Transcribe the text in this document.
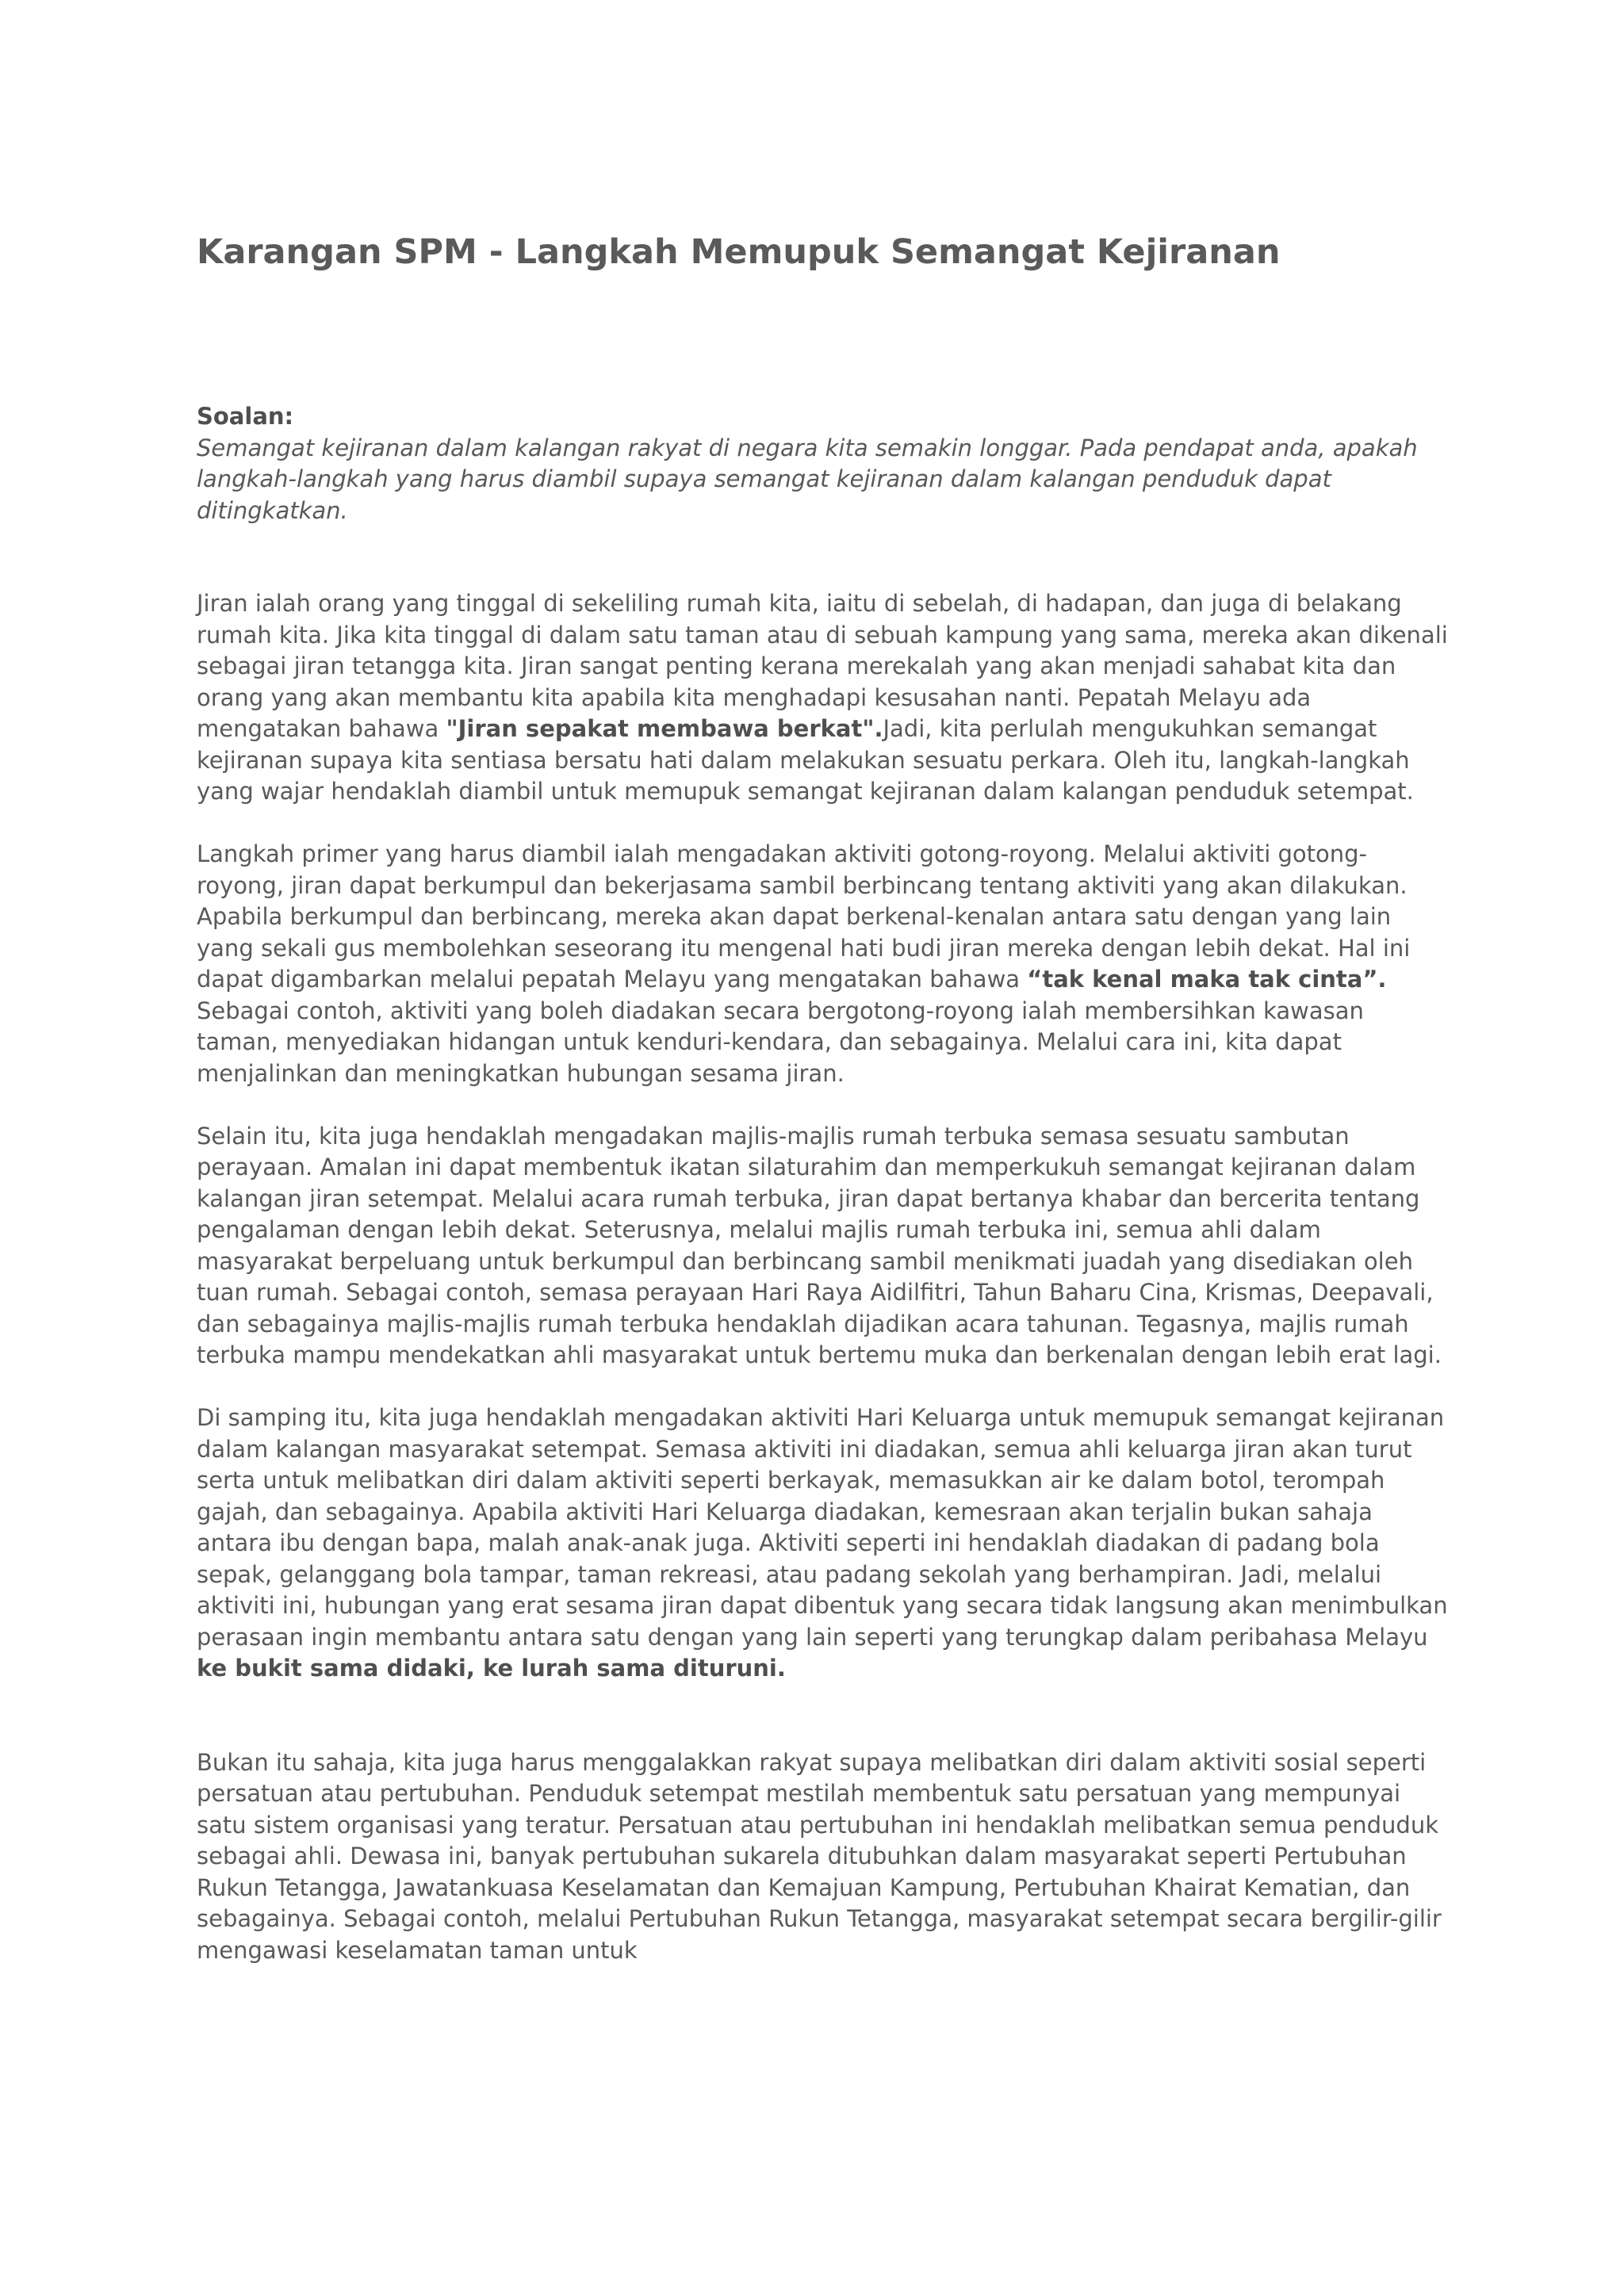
Karangan SPM - Langkah Memupuk Semangat Kejiranan

Soalan:

Semangat kejiranan dalam kalangan rakyat di negara kita semakin longgar. Pada pendapat anda, apakah langkah-langkah yang harus diambil supaya semangat kejiranan dalam kalangan penduduk dapat ditingkatkan.

Jiran ialah orang yang tinggal di sekeliling rumah kita, iaitu di sebelah, di hadapan, dan juga di belakang rumah kita. Jika kita tinggal di dalam satu taman atau di sebuah kampung yang sama, mereka akan dikenali sebagai jiran tetangga kita. Jiran sangat penting kerana merekalah yang akan menjadi sahabat kita dan orang yang akan membantu kita apabila kita menghadapi kesusahan nanti. Pepatah Melayu ada mengatakan bahawa "Jiran sepakat membawa berkat".Jadi, kita perlulah mengukuhkan semangat kejiranan supaya kita sentiasa bersatu hati dalam melakukan sesuatu perkara. Oleh itu, langkah-langkah yang wajar hendaklah diambil untuk memupuk semangat kejiranan dalam kalangan penduduk setempat.

Langkah primer yang harus diambil ialah mengadakan aktiviti gotong-royong. Melalui aktiviti gotong-royong, jiran dapat berkumpul dan bekerjasama sambil berbincang tentang aktiviti yang akan dilakukan. Apabila berkumpul dan berbincang, mereka akan dapat berkenal-kenalan antara satu dengan yang lain yang sekali gus membolehkan seseorang itu mengenal hati budi jiran mereka dengan lebih dekat. Hal ini dapat digambarkan melalui pepatah Melayu yang mengatakan bahawa “tak kenal maka tak cinta”. Sebagai contoh, aktiviti yang boleh diadakan secara bergotong-royong ialah membersihkan kawasan taman, menyediakan hidangan untuk kenduri-kendara, dan sebagainya. Melalui cara ini, kita dapat menjalinkan dan meningkatkan hubungan sesama jiran.

Selain itu, kita juga hendaklah mengadakan majlis-majlis rumah terbuka semasa sesuatu sambutan perayaan. Amalan ini dapat membentuk ikatan silaturahim dan memperkukuh semangat kejiranan dalam kalangan jiran setempat. Melalui acara rumah terbuka, jiran dapat bertanya khabar dan bercerita tentang pengalaman dengan lebih dekat. Seterusnya, melalui majlis rumah terbuka ini, semua ahli dalam masyarakat berpeluang untuk berkumpul dan berbincang sambil menikmati juadah yang disediakan oleh tuan rumah. Sebagai contoh, semasa perayaan Hari Raya Aidilfitri, Tahun Baharu Cina, Krismas, Deepavali, dan sebagainya majlis-majlis rumah terbuka hendaklah dijadikan acara tahunan. Tegasnya, majlis rumah terbuka mampu mendekatkan ahli masyarakat untuk bertemu muka dan berkenalan dengan lebih erat lagi.

Di samping itu, kita juga hendaklah mengadakan aktiviti Hari Keluarga untuk memupuk semangat kejiranan dalam kalangan masyarakat setempat. Semasa aktiviti ini diadakan, semua ahli keluarga jiran akan turut serta untuk melibatkan diri dalam aktiviti seperti berkayak, memasukkan air ke dalam botol, terompah gajah, dan sebagainya. Apabila aktiviti Hari Keluarga diadakan, kemesraan akan terjalin bukan sahaja antara ibu dengan bapa, malah anak-anak juga. Aktiviti seperti ini hendaklah diadakan di padang bola sepak, gelanggang bola tampar, taman rekreasi, atau padang sekolah yang berhampiran. Jadi, melalui aktiviti ini, hubungan yang erat sesama jiran dapat dibentuk yang secara tidak langsung akan menimbulkan perasaan ingin membantu antara satu dengan yang lain seperti yang terungkap dalam peribahasa Melayu ke bukit sama didaki, ke lurah sama dituruni.

Bukan itu sahaja, kita juga harus menggalakkan rakyat supaya melibatkan diri dalam aktiviti sosial seperti persatuan atau pertubuhan. Penduduk setempat mestilah membentuk satu persatuan yang mempunyai satu sistem organisasi yang teratur. Persatuan atau pertubuhan ini hendaklah melibatkan semua penduduk sebagai ahli. Dewasa ini, banyak pertubuhan sukarela ditubuhkan dalam masyarakat seperti Pertubuhan Rukun Tetangga, Jawatankuasa Keselamatan dan Kemajuan Kampung, Pertubuhan Khairat Kematian, dan sebagainya. Sebagai contoh, melalui Pertubuhan Rukun Tetangga, masyarakat setempat secara bergilir-gilir mengawasi keselamatan taman untuk
